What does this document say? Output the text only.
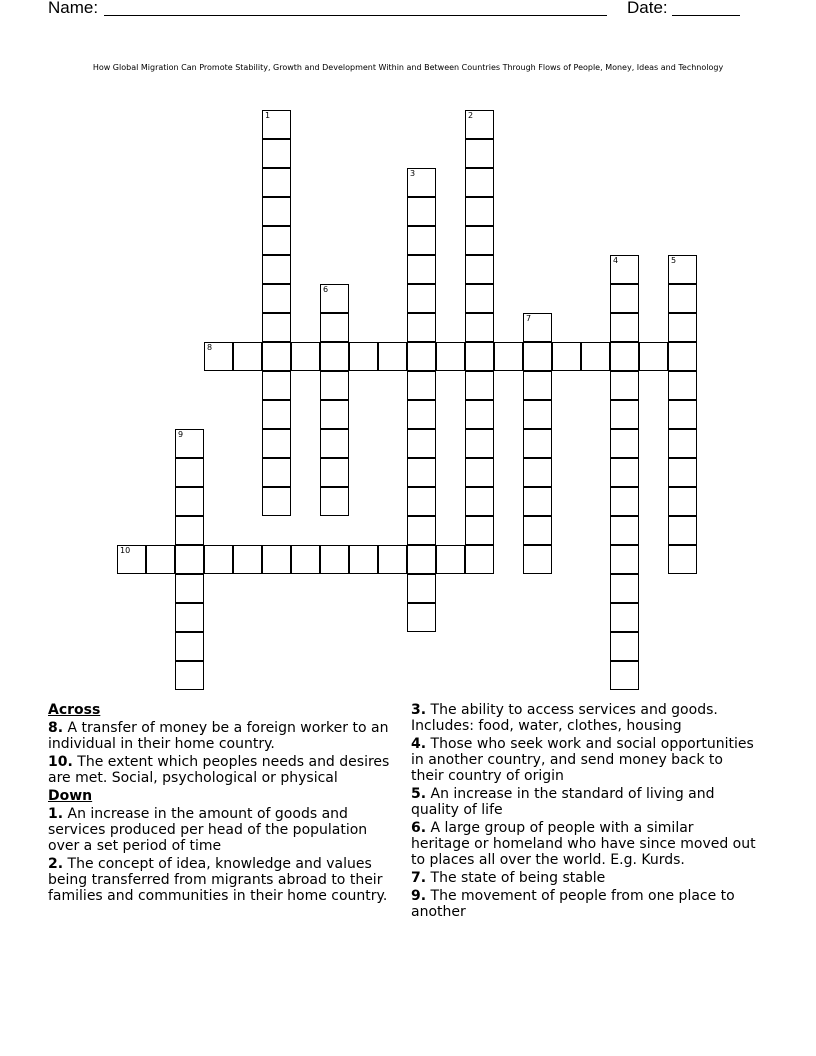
Name:	Date:
How Global Migration Can Promote Stability, Growth and Development Within and Between Countries Through Flows of People, Money, Ideas and Technology
1	2
3
4	5
6
7
8
9
10
Across
8. A transfer of money be a foreign worker to an individual in their home country.
10. The extent which peoples needs and desires are met. Social, psychological or physical
Down
1. An increase in the amount of goods and services produced per head of the population over a set period of time
2. The concept of idea, knowledge and values being transferred from migrants abroad to their families and communities in their home country.
3. The ability to access services and goods. Includes: food, water, clothes, housing
4. Those who seek work and social opportunities in another country, and send money back to their country of origin
5. An increase in the standard of living and quality of life
6. A large group of people with a similar heritage or homeland who have since moved out to places all over the world. E.g. Kurds.
7. The state of being stable
9. The movement of people from one place to another
